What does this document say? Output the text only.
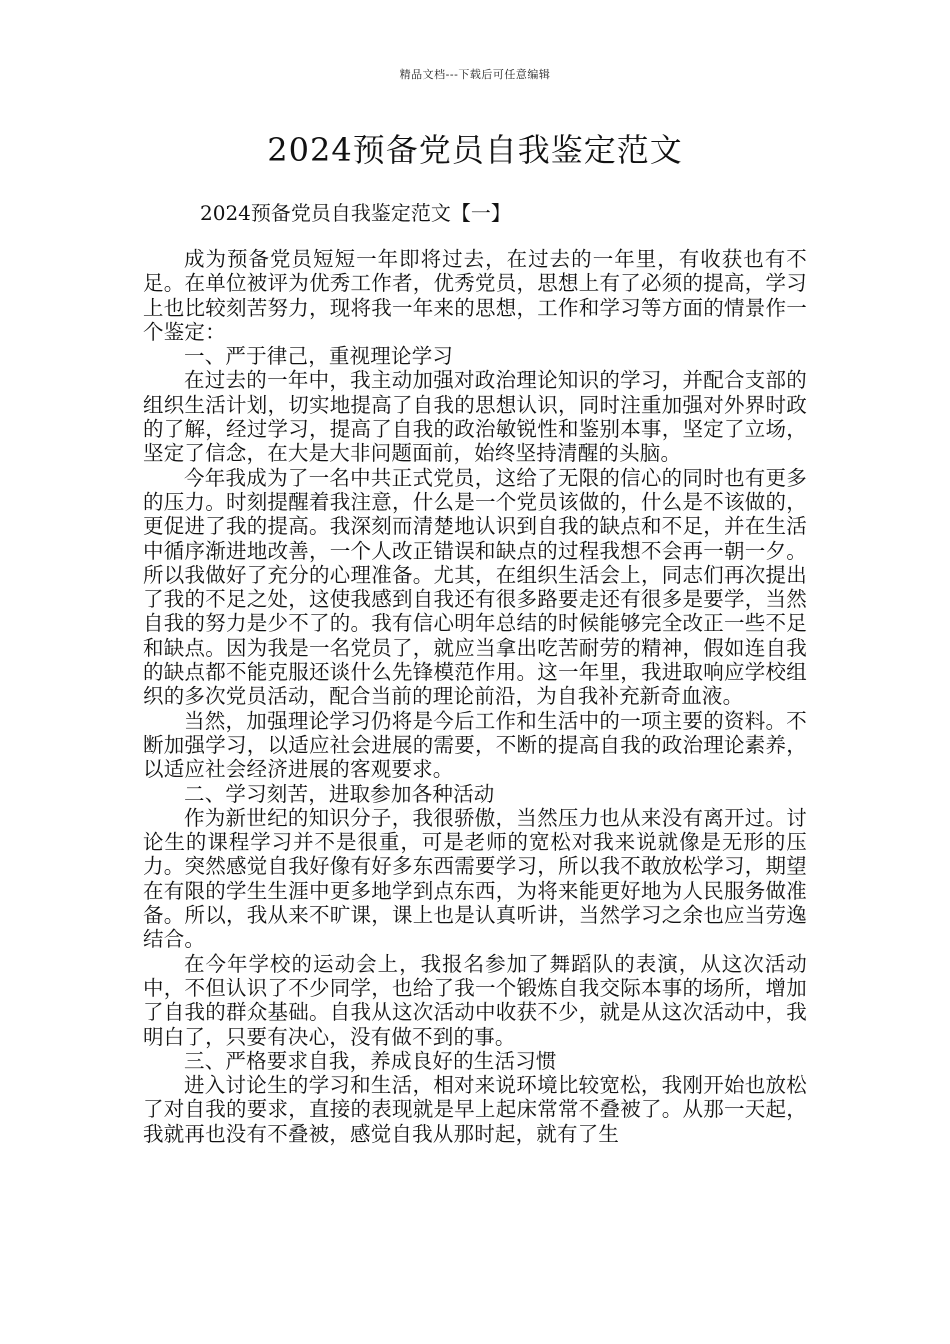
精品文档---下载后可任意编辑
2024预备党员自我鉴定范文
2024预备党员自我鉴定范文【一】

成为预备党员短短一年即将过去，在过去的一年里，有收获也有不足。在单位被评为优秀工作者，优秀党员，思想上有了必须的提高，学习上也比较刻苦努力，现将我一年来的思想，工作和学习等方面的情景作一个鉴定：

一、严于律己，重视理论学习

在过去的一年中，我主动加强对政治理论知识的学习，并配合支部的组织生活计划，切实地提高了自我的思想认识，同时注重加强对外界时政的了解，经过学习，提高了自我的政治敏锐性和鉴别本事，坚定了立场，坚定了信念，在大是大非问题面前，始终坚持清醒的头脑。

今年我成为了一名中共正式党员，这给了无限的信心的同时也有更多的压力。时刻提醒着我注意，什么是一个党员该做的，什么是不该做的，更促进了我的提高。我深刻而清楚地认识到自我的缺点和不足，并在生活中循序渐进地改善，一个人改正错误和缺点的过程我想不会再一朝一夕。所以我做好了充分的心理准备。尤其，在组织生活会上，同志们再次提出了我的不足之处，这使我感到自我还有很多路要走还有很多是要学，当然自我的努力是少不了的。我有信心明年总结的时候能够完全改正一些不足和缺点。因为我是一名党员了，就应当拿出吃苦耐劳的精神，假如连自我的缺点都不能克服还谈什么先锋模范作用。这一年里，我进取响应学校组织的多次党员活动，配合当前的理论前沿，为自我补充新奇血液。

当然，加强理论学习仍将是今后工作和生活中的一项主要的资料。不断加强学习，以适应社会进展的需要，不断的提高自我的政治理论素养，以适应社会经济进展的客观要求。

二、学习刻苦，进取参加各种活动

作为新世纪的知识分子，我很骄傲，当然压力也从来没有离开过。讨论生的课程学习并不是很重，可是老师的宽松对我来说就像是无形的压力。突然感觉自我好像有好多东西需要学习，所以我不敢放松学习，期望在有限的学生生涯中更多地学到点东西，为将来能更好地为人民服务做准备。所以，我从来不旷课，课上也是认真听讲，当然学习之余也应当劳逸结合。

在今年学校的运动会上，我报名参加了舞蹈队的表演，从这次活动中，不但认识了不少同学，也给了我一个锻炼自我交际本事的场所，增加了自我的群众基础。自我从这次活动中收获不少，就是从这次活动中，我明白了，只要有决心，没有做不到的事。

三、严格要求自我，养成良好的生活习惯

进入讨论生的学习和生活，相对来说环境比较宽松，我刚开始也放松了对自我的要求，直接的表现就是早上起床常常不叠被了。从那一天起，我就再也没有不叠被，感觉自我从那时起，就有了生
